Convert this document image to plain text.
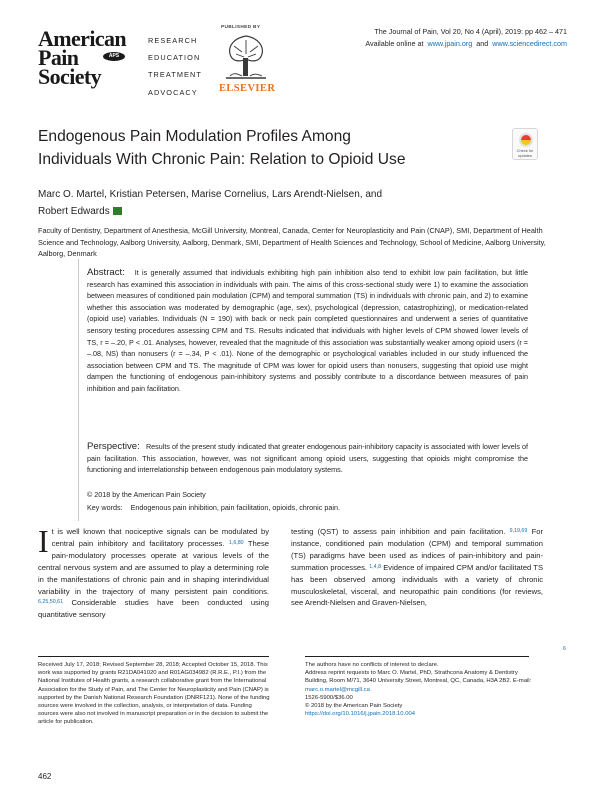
American
Pain
Society
APS
RESEARCH
EDUCATION
TREATMENT
ADVOCACY
PUBLISHED BY
ELSEVIER
The Journal of Pain, Vol 20, No 4 (April), 2019: pp 462 – 471
Available online at www.jpain.org and www.sciencedirect.com
Endogenous Pain Modulation Profiles Among
Individuals With Chronic Pain: Relation to Opioid Use
Check for updates
Marc O. Martel, Kristian Petersen, Marise Cornelius, Lars Arendt-Nielsen, and
Robert Edwards
Faculty of Dentistry, Department of Anesthesia, McGill University, Montreal, Canada, Center for Neuroplasticity and Pain (CNAP), SMI, Department of Health Science and Technology, Aalborg University, Aalborg, Denmark, SMI, Department of Health Sciences and Technology, School of Medicine, Aalborg University, Aalborg, Denmark
Abstract: It is generally assumed that individuals exhibiting high pain inhibition also tend to exhibit low pain facilitation, but little research has examined this association in individuals with pain. The aims of this cross-sectional study were 1) to examine the association between measures of conditioned pain modulation (CPM) and temporal summation (TS) in individuals with chronic pain, and 2) to examine whether this association was moderated by demographic (age, sex), psychological (depression, catastrophizing), or medication-related (opioid use) variables. Individuals (N = 190) with back or neck pain completed questionnaires and underwent a series of quantitative sensory testing procedures assessing CPM and TS. Results indicated that individuals with higher levels of CPM showed lower levels of TS, r = –.20, P < .01. Analyses, however, revealed that the magnitude of this association was substantially weaker among opioid users (r = –.08, NS) than nonusers (r = –.34, P < .01). None of the demographic or psychological variables included in our study influenced the association between CPM and TS. The magnitude of CPM was lower for opioid users than nonusers, suggesting that opioid use might dampen the functioning of endogenous pain-inhibitory systems and possibly contribute to a discordance between measures of pain inhibition and pain facilitation.
Perspective: Results of the present study indicated that greater endogenous pain-inhibitory capacity is associated with lower levels of pain facilitation. This association, however, was not significant among opioid users, suggesting that opioids might compromise the functioning and interrelationship between endogenous pain modulatory systems.
© 2018 by the American Pain Society
Key words: Endogenous pain inhibition, pain facilitation, opioids, chronic pain.
I t is well known that nociceptive signals can be modulated by central pain inhibitory and facilitatory processes. $^{1,6,80}$ These pain-modulatory processes operate at various levels of the central nervous system and are assumed to play a determining role in the manifestations of chronic pain and in shaping interindividual variability in the trajectory of many persistent pain conditions. $^{6,25,50,61}$ Considerable studies have been conducted using quantitative sensory
testing (QST) to assess pain inhibition and pain facilitation. $^{9,19,69}$ For instance, conditioned pain modulation (CPM) and temporal summation (TS) paradigms have been used as indices of pain-inhibitory and pain-summation processes. $^{1,4,8}$ Evidence of impaired CPM and/or facilitated TS has been observed among individuals with a variety of chronic musculoskeletal, visceral, and neuropathic pain conditions (for reviews, see Arendt-Nielsen and Graven-Nielsen,
6
Received July 17, 2018; Revised September 28, 2018; Accepted October 15, 2018. This work was supported by grants R21DA041020 and R01AG034982 (R.R.E., P.I.) from the National Institutes of Health grants, a research collaborative grant from the International Association for the Study of Pain, and The Center for Neuroplasticity and Pain (CNAP) is supported by the Danish National Research Foundation (DNRF121). None of the funding sources were involved in the collection, analysis, or interpretation of data. Funding sources were also not involved in manuscript preparation or in the decision to submit the article for publication.
The authors have no conflicts of interest to declare.
Address reprint requests to Marc O. Martel, PhD, Strathcona Anatomy & Dentistry Building, Room M/71, 3640 University Street, Montreal, QC, Canada, H3A 2B2. E-mail: marc.o.martel@mcgill.ca
1526-5900/$36.00
© 2018 by the American Pain Society
https://doi.org/10.1016/j.jpain.2018.10.004
462
